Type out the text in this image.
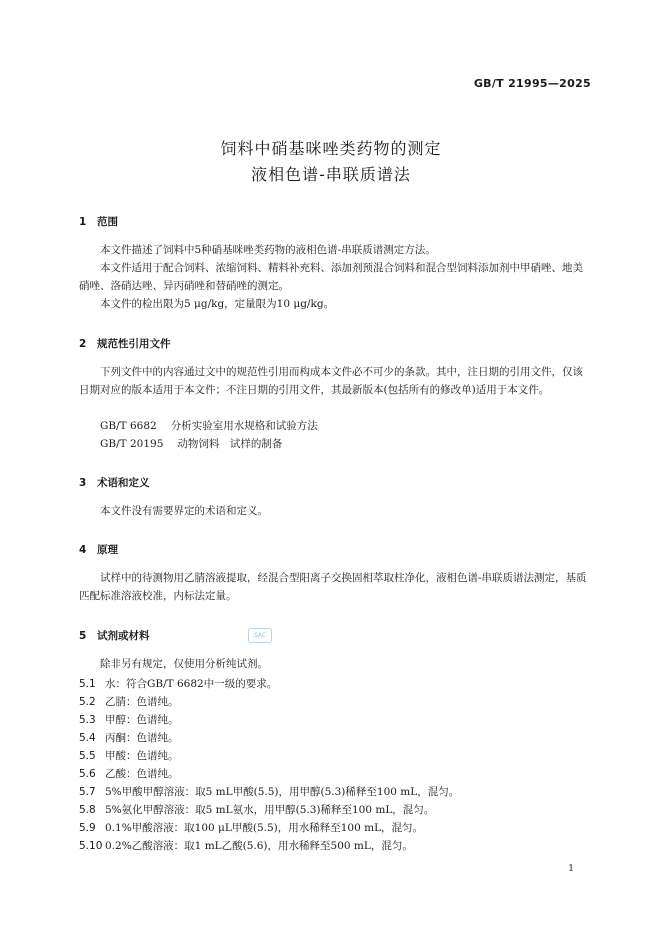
GB/T 21995—2025
饲料中硝基咪唑类药物的测定
液相色谱-串联质谱法
1 范围

本文件描述了饲料中5种硝基咪唑类药物的液相色谱-串联质谱测定方法。

本文件适用于配合饲料、浓缩饲料、精料补充料、添加剂预混合饲料和混合型饲料添加剂中甲硝唑、地美硝唑、洛硝达唑、异丙硝唑和替硝唑的测定。

本文件的检出限为5 μg/kg，定量限为10 μg/kg。

2 规范性引用文件

下列文件中的内容通过文中的规范性引用而构成本文件必不可少的条款。其中，注日期的引用文件，仅该日期对应的版本适用于本文件；不注日期的引用文件，其最新版本(包括所有的修改单)适用于本文件。

GB/T 6682 分析实验室用水规格和试验方法
GB/T 20195 动物饲料　试样的制备
3 术语和定义

本文件没有需要界定的术语和定义。

4 原理

试样中的待测物用乙腈溶液提取，经混合型阳离子交换固相萃取柱净化，液相色谱-串联质谱法测定，基质匹配标准溶液校准，内标法定量。

5 试剂或材料	SAC

除非另有规定，仅使用分析纯试剂。

5.1 水：符合GB/T 6682中一级的要求。
5.2 乙腈：色谱纯。
5.3 甲醇：色谱纯。
5.4 丙酮：色谱纯。
5.5 甲酸：色谱纯。
5.6 乙酸：色谱纯。
5.7 5%甲酸甲醇溶液：取5 mL甲酸(5.5)，用甲醇(5.3)稀释至100 mL，混匀。
5.8 5%氨化甲醇溶液：取5 mL氨水，用甲醇(5.3)稀释至100 mL，混匀。
5.9 0.1%甲酸溶液：取100 μL甲酸(5.5)，用水稀释至100 mL，混匀。
5.10 0.2%乙酸溶液：取1 mL乙酸(5.6)，用水稀释至500 mL，混匀。
1
